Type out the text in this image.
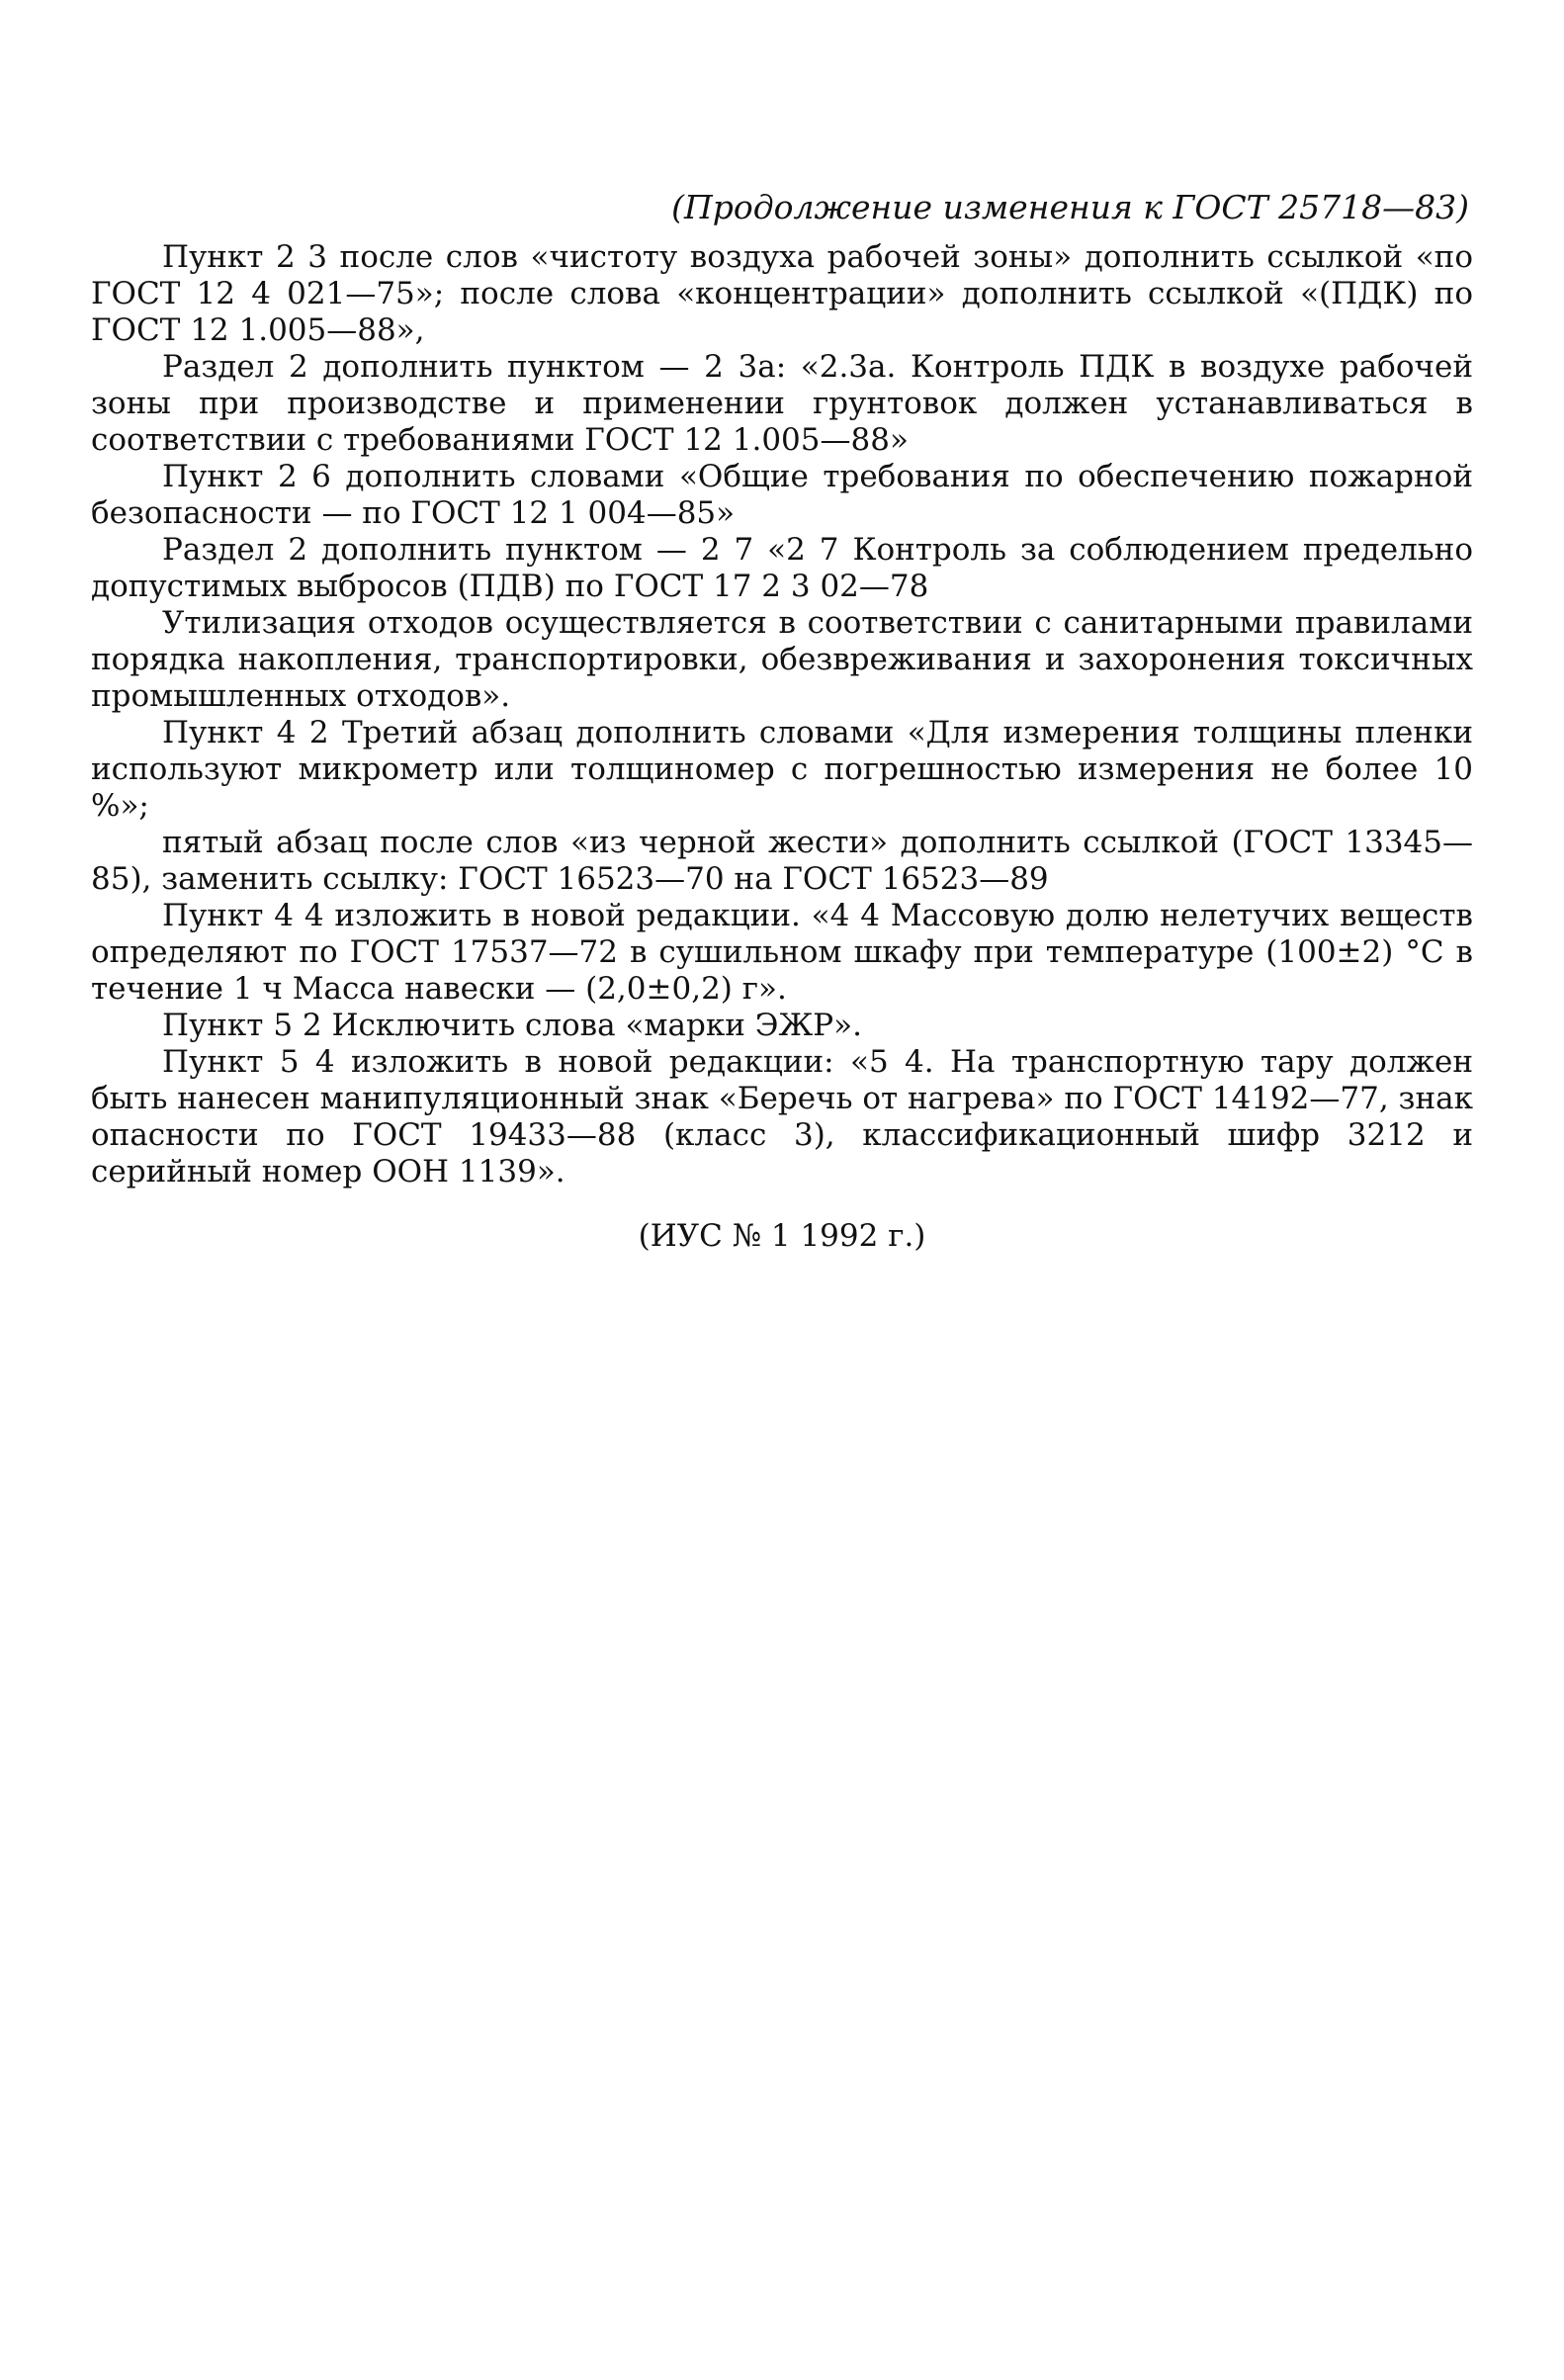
(Продолжение изменения к ГОСТ 25718—83)

Пункт 2 3 после слов «чистоту воздуха рабочей зоны» дополнить ссылкой «по ГОСТ 12 4 021—75»; после слова «концентрации» дополнить ссылкой «(ПДК) по ГОСТ 12 1.005—88»,

Раздел 2 дополнить пунктом — 2 3а: «2.3а. Контроль ПДК в воздухе рабочей зоны при производстве и применении грунтовок должен устанавливаться в соответствии с требованиями ГОСТ 12 1.005—88»

Пункт 2 6 дополнить словами «Общие требования по обеспечению пожарной безопасности — по ГОСТ 12 1 004—85»

Раздел 2 дополнить пунктом — 2 7 «2 7 Контроль за соблюдением предельно допустимых выбросов (ПДВ) по ГОСТ 17 2 3 02—78

Утилизация отходов осуществляется в соответствии с санитарными правилами порядка накопления, транспортировки, обезвреживания и захоронения токсичных промышленных отходов».

Пункт 4 2 Третий абзац дополнить словами «Для измерения толщины пленки используют микрометр или толщиномер с погрешностью измерения не более 10 %»;

пятый абзац после слов «из черной жести» дополнить ссылкой (ГОСТ 13345—85), заменить ссылку: ГОСТ 16523—70 на ГОСТ 16523—89

Пункт 4 4 изложить в новой редакции. «4 4 Массовую долю нелетучих веществ определяют по ГОСТ 17537—72 в сушильном шкафу при температуре (100±2) °С в течение 1 ч Масса навески — (2,0±0,2) г».

Пункт 5 2 Исключить слова «марки ЭЖР».

Пункт 5 4 изложить в новой редакции: «5 4. На транспортную тару должен быть нанесен манипуляционный знак «Беречь от нагрева» по ГОСТ 14192—77, знак опасности по ГОСТ 19433—88 (класс 3), классификационный шифр 3212 и серийный номер ООН 1139».

(ИУС № 1 1992 г.)
